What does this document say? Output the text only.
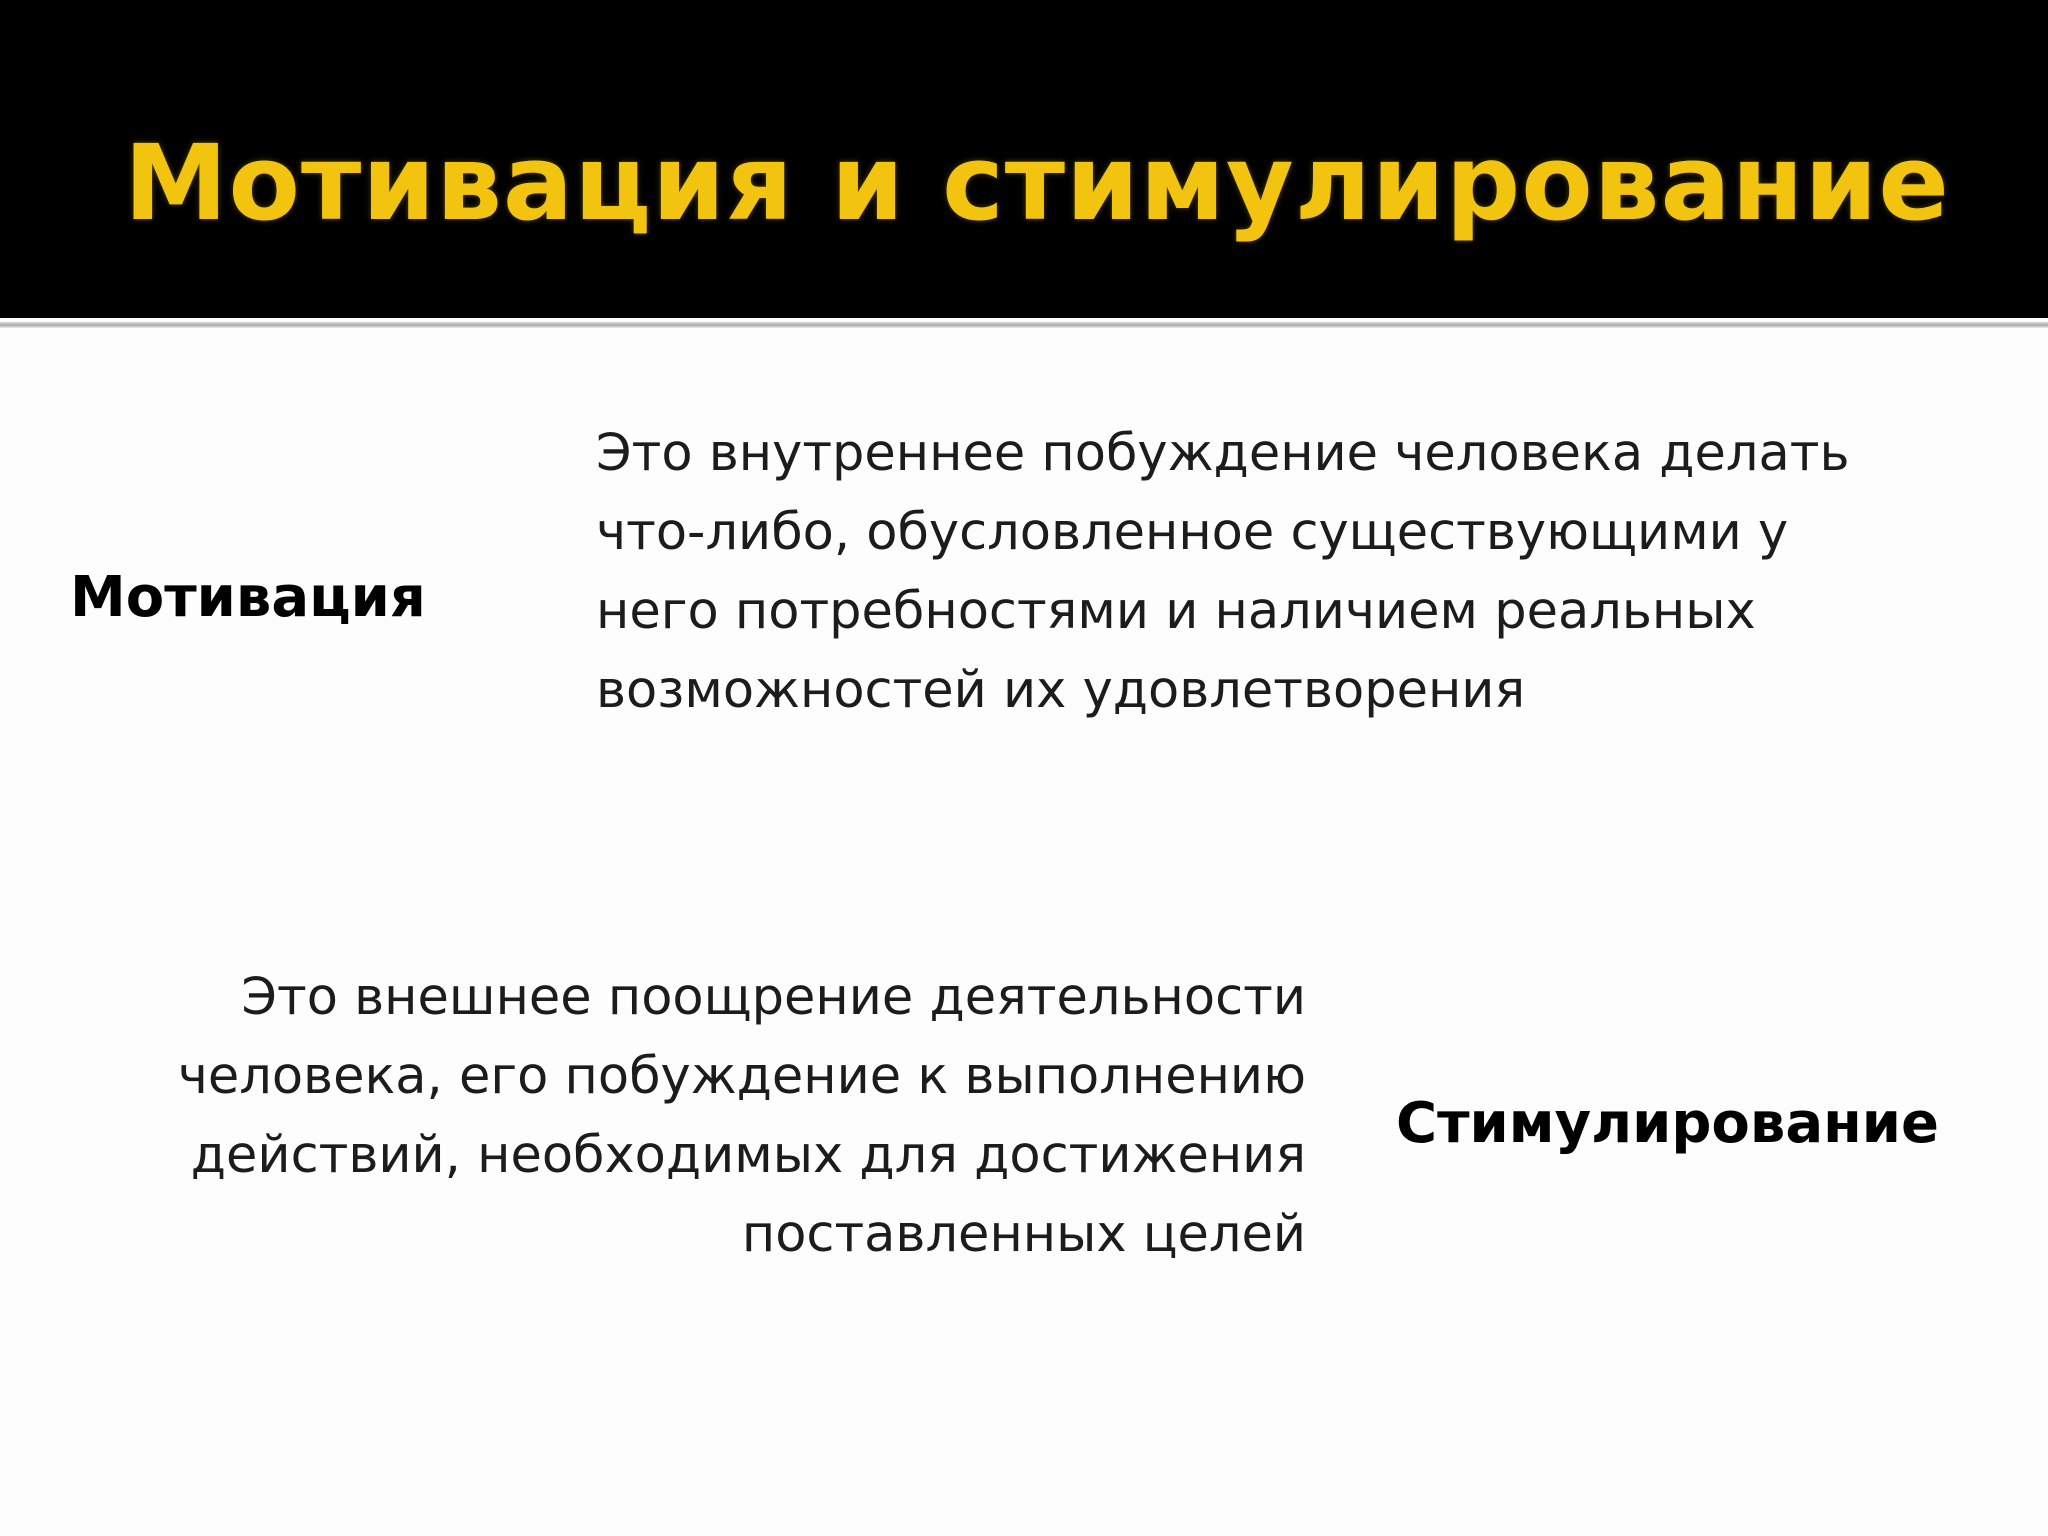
Мотивация и стимулирование

Мотивация

Это внутреннее побуждение человека делать что-либо, обусловленное существующими у него потребностями и наличием реальных возможностей их удовлетворения

Это внешнее поощрение деятельности человека, его побуждение к выполнению действий, необходимых для достижения поставленных целей

Стимулирование
